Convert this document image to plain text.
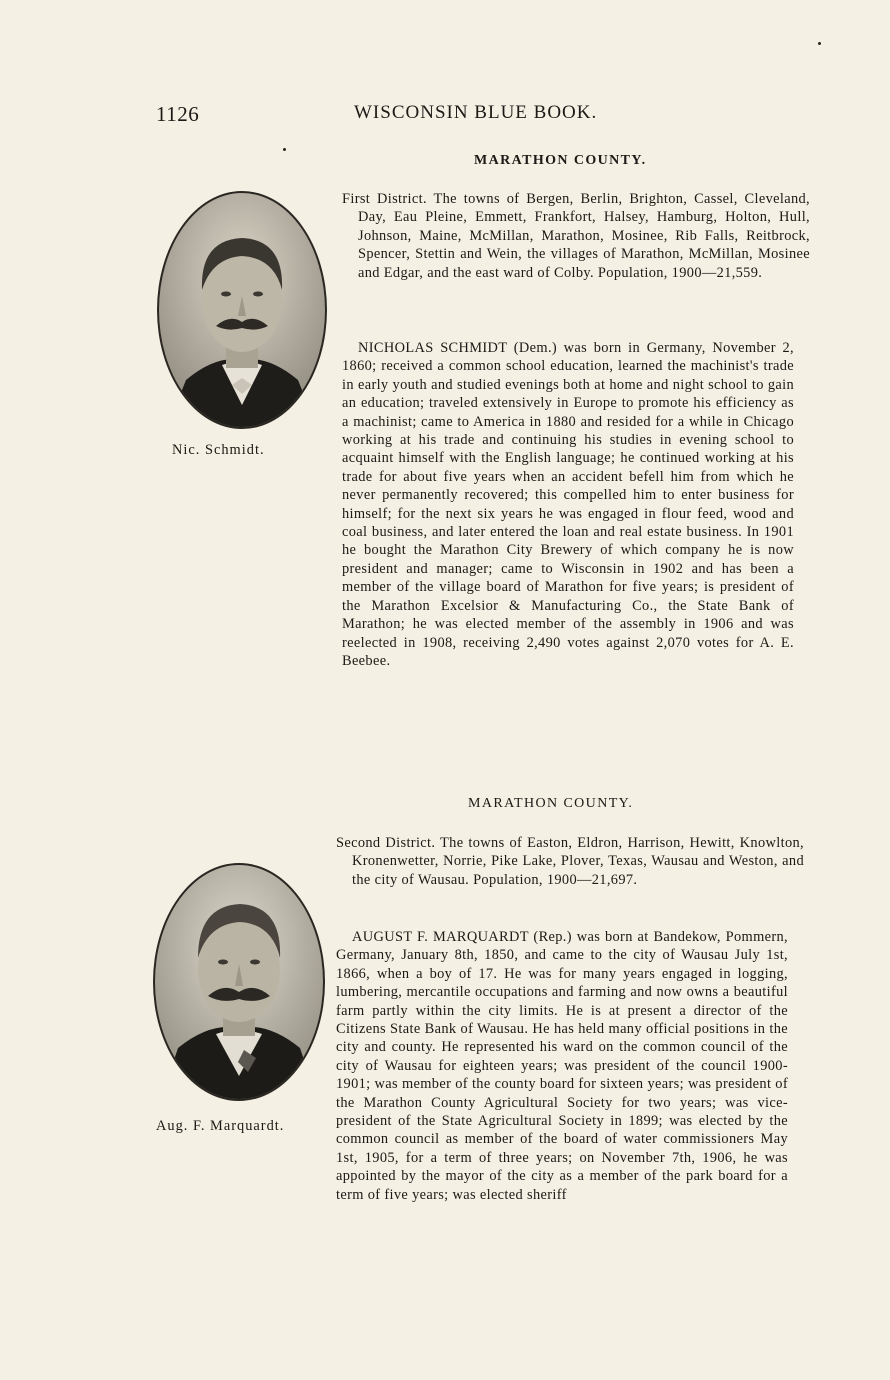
1126	WISCONSIN BLUE BOOK.
MARATHON COUNTY.
Nic. Schmidt.
First District. The towns of Bergen, Berlin, Brighton, Cassel, Cleveland, Day, Eau Pleine, Emmett, Frankfort, Halsey, Hamburg, Holton, Hull, Johnson, Maine, McMillan, Marathon, Mosinee, Rib Falls, Reitbrock, Spencer, Stettin and Wein, the villages of Marathon, McMillan, Mosinee and Edgar, and the east ward of Colby. Population, 1900—21,559.
NICHOLAS SCHMIDT (Dem.) was born in Germany, November 2, 1860; received a common school education, learned the machinist's trade in early youth and studied evenings both at home and night school to gain an education; traveled extensively in Europe to promote his efficiency as a machinist; came to America in 1880 and resided for a while in Chicago working at his trade and continuing his studies in evening school to acquaint himself with the English language; he continued working at his trade for about five years when an accident befell him from which he never permanently recovered; this compelled him to enter business for himself; for the next six years he was engaged in flour feed, wood and coal business, and later entered the loan and real estate business. In 1901 he bought the Marathon City Brewery of which company he is now president and manager; came to Wisconsin in 1902 and has been a member of the village board of Marathon for five years; is president of the Marathon Excelsior & Manufacturing Co., the State Bank of Marathon; he was elected member of the assembly in 1906 and was reelected in 1908, receiving 2,490 votes against 2,070 votes for A. E. Beebee.
MARATHON COUNTY.
Aug. F. Marquardt.
Second District. The towns of Easton, Eldron, Harrison, Hewitt, Knowlton, Kronenwetter, Norrie, Pike Lake, Plover, Texas, Wausau and Weston, and the city of Wausau. Population, 1900—21,697.
AUGUST F. MARQUARDT (Rep.) was born at Bandekow, Pommern, Germany, January 8th, 1850, and came to the city of Wausau July 1st, 1866, when a boy of 17. He was for many years engaged in logging, lumbering, mercantile occupations and farming and now owns a beautiful farm partly within the city limits. He is at present a director of the Citizens State Bank of Wausau. He has held many official positions in the city and county. He represented his ward on the common council of the city of Wausau for eighteen years; was president of the council 1900-1901; was member of the county board for sixteen years; was president of the Marathon County Agricultural Society for two years; was vice-president of the State Agricultural Society in 1899; was elected by the common council as member of the board of water commissioners May 1st, 1905, for a term of three years; on November 7th, 1906, he was appointed by the mayor of the city as a member of the park board for a term of five years; was elected sheriff
